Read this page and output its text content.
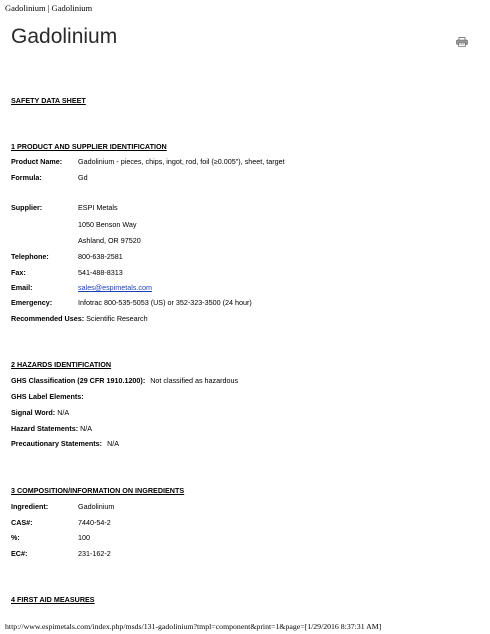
Gadolinium | Gadolinium
Gadolinium
SAFETY DATA SHEET
1 PRODUCT AND SUPPLIER IDENTIFICATION
Product Name: Gadolinium - pieces, chips, ingot, rod, foil (≥0.005"), sheet, target
Formula:	Gd
Supplier:	ESPI Metals
1050 Benson Way
Ashland, OR 97520
Telephone:	800-638-2581
Fax:	541-488-8313
Email:	sales@espimetals.com
Emergency:	Infotrac 800-535-5053 (US) or 352-323-3500 (24 hour)
Recommended Uses: Scientific Research
2 HAZARDS IDENTIFICATION
GHS Classification (29 CFR 1910.1200): Not classified as hazardous
GHS Label Elements:
Signal Word: N/A
Hazard Statements: N/A
Precautionary Statements: N/A
3 COMPOSITION/INFORMATION ON INGREDIENTS
Ingredient:	Gadolinium
CAS#:	7440-54-2
%:	100
EC#:	231-162-2
4 FIRST AID MEASURES
http://www.espimetals.com/index.php/msds/131-gadolinium?tmpl=component&print=1&page=[1/29/2016 8:37:31 AM]
